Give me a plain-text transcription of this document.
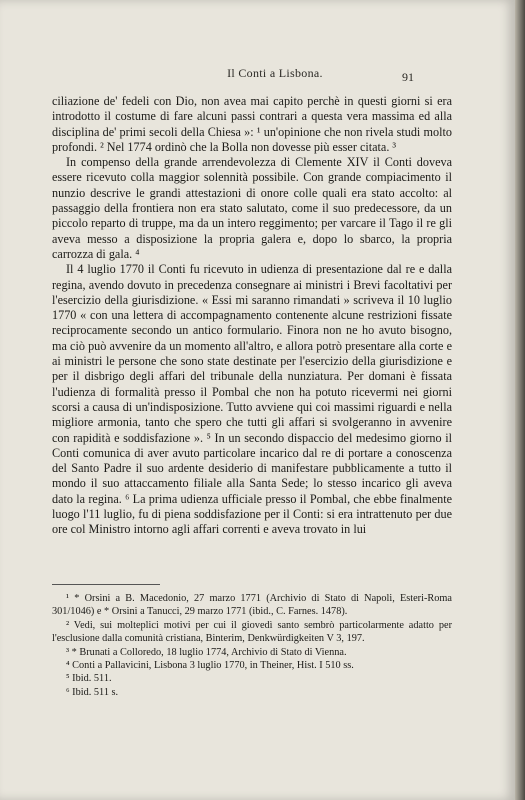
Il Conti a Lisbona.	91

ciliazione de' fedeli con Dio, non avea mai capito perchè in questi giorni si era introdotto il costume di fare alcuni passi contrari a questa vera massima ed alla disciplina de' primi secoli della Chiesa »: ¹ un'opinione che non rivela studi molto profondi. ² Nel 1774 ordinò che la Bolla non dovesse più esser citata. ³

In compenso della grande arrendevolezza di Clemente XIV il Conti doveva essere ricevuto colla maggior solennità possibile. Con grande compiacimento il nunzio descrive le grandi attestazioni di onore colle quali era stato accolto: al passaggio della frontiera non era stato salutato, come il suo predecessore, da un piccolo reparto di truppe, ma da un intero reggimento; per varcare il Tago il re gli aveva messo a disposizione la propria galera e, dopo lo sbarco, la propria carrozza di gala. ⁴

Il 4 luglio 1770 il Conti fu ricevuto in udienza di presentazione dal re e dalla regina, avendo dovuto in precedenza consegnare ai ministri i Brevi facoltativi per l'esercizio della giurisdizione. « Essi mi saranno rimandati » scriveva il 10 luglio 1770 « con una lettera di accompagnamento contenente alcune restrizioni fissate reciprocamente secondo un antico formulario. Finora non ne ho avuto bisogno, ma ciò può avvenire da un momento all'altro, e allora potrò presentare alla corte e ai ministri le persone che sono state destinate per l'esercizio della giurisdizione e per il disbrigo degli affari del tribunale della nunziatura. Per domani è fissata l'udienza di formalità presso il Pombal che non ha potuto ricevermi nei giorni scorsi a causa di un'indisposizione. Tutto avviene qui coi massimi riguardi e nella migliore armonia, tanto che spero che tutti gli affari si svolgeranno in avvenire con rapidità e soddisfazione ». ⁵ In un secondo dispaccio del medesimo giorno il Conti comunica di aver avuto particolare incarico dal re di portare a conoscenza del Santo Padre il suo ardente desiderio di manifestare pubblicamente a tutto il mondo il suo attaccamento filiale alla Santa Sede; lo stesso incarico gli aveva dato la regina. ⁶ La prima udienza ufficiale presso il Pombal, che ebbe finalmente luogo l'11 luglio, fu di piena soddisfazione per il Conti: si era intrattenuto per due ore col Ministro intorno agli affari correnti e aveva trovato in lui

¹ * Orsini a B. Macedonio, 27 marzo 1771 (Archivio di Stato di Napoli, Esteri-Roma 301/1046) e * Orsini a Tanucci, 29 marzo 1771 (ibid., C. Farnes. 1478).

² Vedi, sui molteplici motivi per cui il giovedì santo sembrò particolarmente adatto per l'esclusione dalla comunità cristiana, Binterim, Denkwürdigkeiten V 3, 197.

³ * Brunati a Colloredo, 18 luglio 1774, Archivio di Stato di Vienna.

⁴ Conti a Pallavicini, Lisbona 3 luglio 1770, in Theiner, Hist. I 510 ss.

⁵ Ibid. 511.

⁶ Ibid. 511 s.
